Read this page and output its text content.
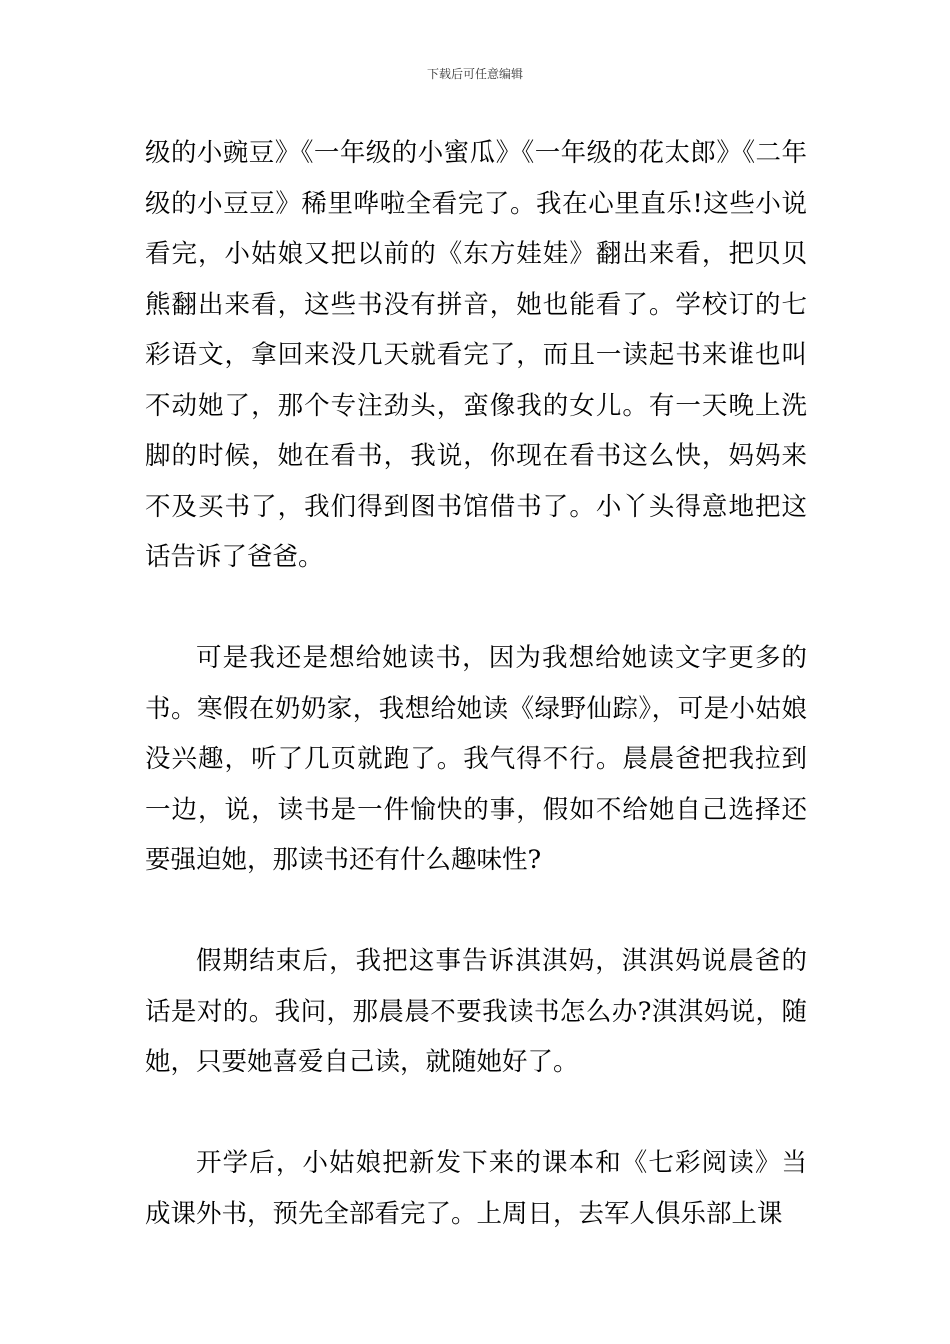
下载后可任意编辑

级的小豌豆》《一年级的小蜜瓜》《一年级的花太郎》《二年级的小豆豆》稀里哗啦全看完了。我在心里直乐!这些小说看完，小姑娘又把以前的《东方娃娃》翻出来看，把贝贝熊翻出来看，这些书没有拼音，她也能看了。学校订的七彩语文，拿回来没几天就看完了，而且一读起书来谁也叫不动她了，那个专注劲头，蛮像我的女儿。有一天晚上洗脚的时候，她在看书，我说，你现在看书这么快，妈妈来不及买书了，我们得到图书馆借书了。小丫头得意地把这话告诉了爸爸。

可是我还是想给她读书，因为我想给她读文字更多的书。寒假在奶奶家，我想给她读《绿野仙踪》，可是小姑娘没兴趣，听了几页就跑了。我气得不行。晨晨爸把我拉到一边，说，读书是一件愉快的事，假如不给她自己选择还要强迫她，那读书还有什么趣味性?

假期结束后，我把这事告诉淇淇妈，淇淇妈说晨爸的话是对的。我问，那晨晨不要我读书怎么办?淇淇妈说，随她，只要她喜爱自己读，就随她好了。

开学后，小姑娘把新发下来的课本和《七彩阅读》当成课外书，预先全部看完了。上周日，去军人俱乐部上课
